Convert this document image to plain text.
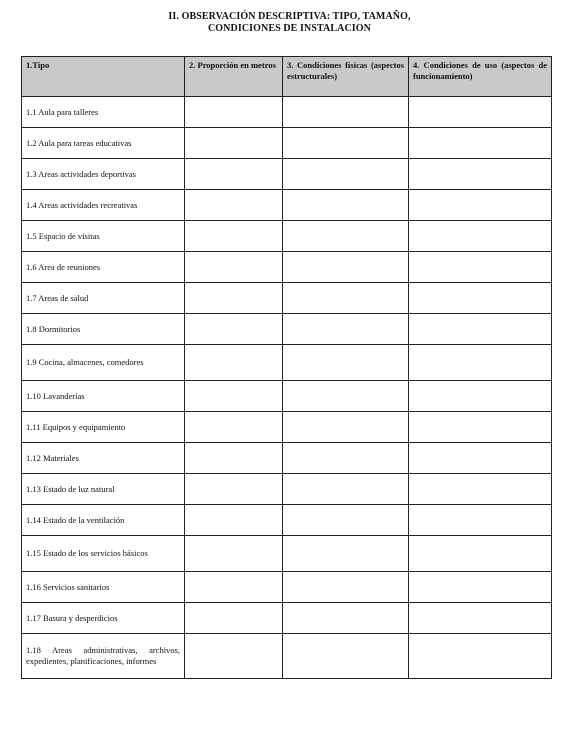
II. OBSERVACIÓN DESCRIPTIVA: TIPO, TAMAÑO,
CONDICIONES DE INSTALACION
1.Tipo	2. Proporción en metros	3. Condiciones físicas (aspectos estructurales)	4. Condiciones de uso (aspectos de funcionamiento)
1.1 Aula para talleres			
1.2 Aula para tareas educativas			
1.3 Areas actividades deportivas			
1.4 Areas actividades recreativas			
1.5 Espacio de visitas			
1.6 Area de reuniones			
1.7 Areas de salud			
1.8 Dormitorios			
1.9 Cocina, almacenes, comedores			
1.10 Lavanderías			
1.11 Equipos y equipamiento			
1.12 Materiales			
1.13 Estado de luz natural			
1.14 Estado de la ventilación			
1.15 Estado de los servicios básicos			
1.16 Servicios sanitarios			
1.17 Basura y desperdicios			
1.18 Areas administrativas, archivos, expedientes, planificaciones, informes			
